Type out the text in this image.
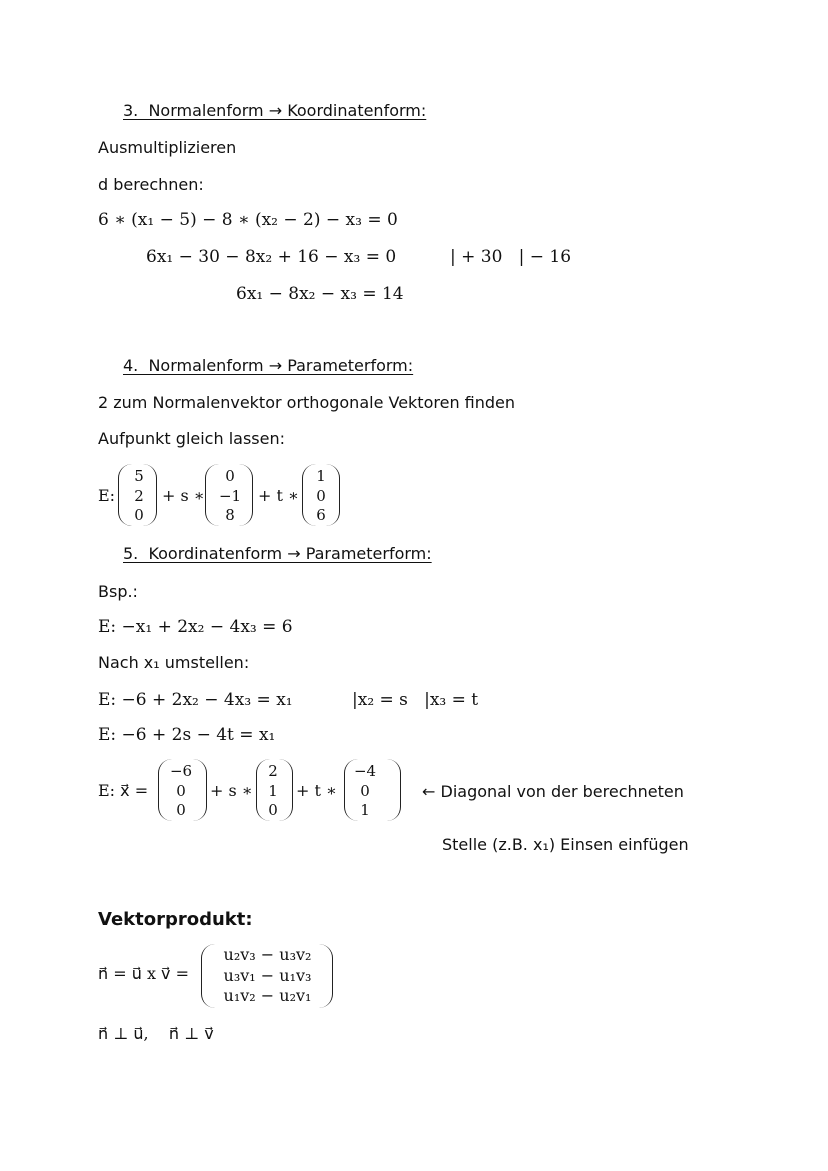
3.  Normalenform → Koordinatenform:
Ausmultiplizieren
d berechnen:
6 ∗ (x₁ − 5) − 8 ∗ (x₂ − 2) − x₃ = 0
6x₁ − 30 − 8x₂ + 16 − x₃ = 0	| + 30   | − 16
6x₁ − 8x₂ − x₃ = 14
4.  Normalenform → Parameterform:
2 zum Normalenvektor orthogonale Vektoren finden
Aufpunkt gleich lassen:
E:
5
2
0
+ s ∗
0
−1
8
+ t ∗
1
0
6
5.  Koordinatenform → Parameterform:
Bsp.:
E: −x₁ + 2x₂ − 4x₃ = 6
Nach x₁ umstellen:
E: −6 + 2x₂ − 4x₃ = x₁	|x₂ = s   |x₃ = t
E: −6 + 2s − 4t = x₁
E: x⃗ =
−6
0
0
+ s ∗
2
1
0
+ t ∗
−4
0
1
← Diagonal von der berechneten
Stelle (z.B. x₁) Einsen einfügen
Vektorprodukt:
n⃗ = u⃗ x v⃗ =
u₂v₃ − u₃v₂
u₃v₁ − u₁v₃
u₁v₂ − u₂v₁
n⃗ ⊥ u⃗,    n⃗ ⊥ v⃗
